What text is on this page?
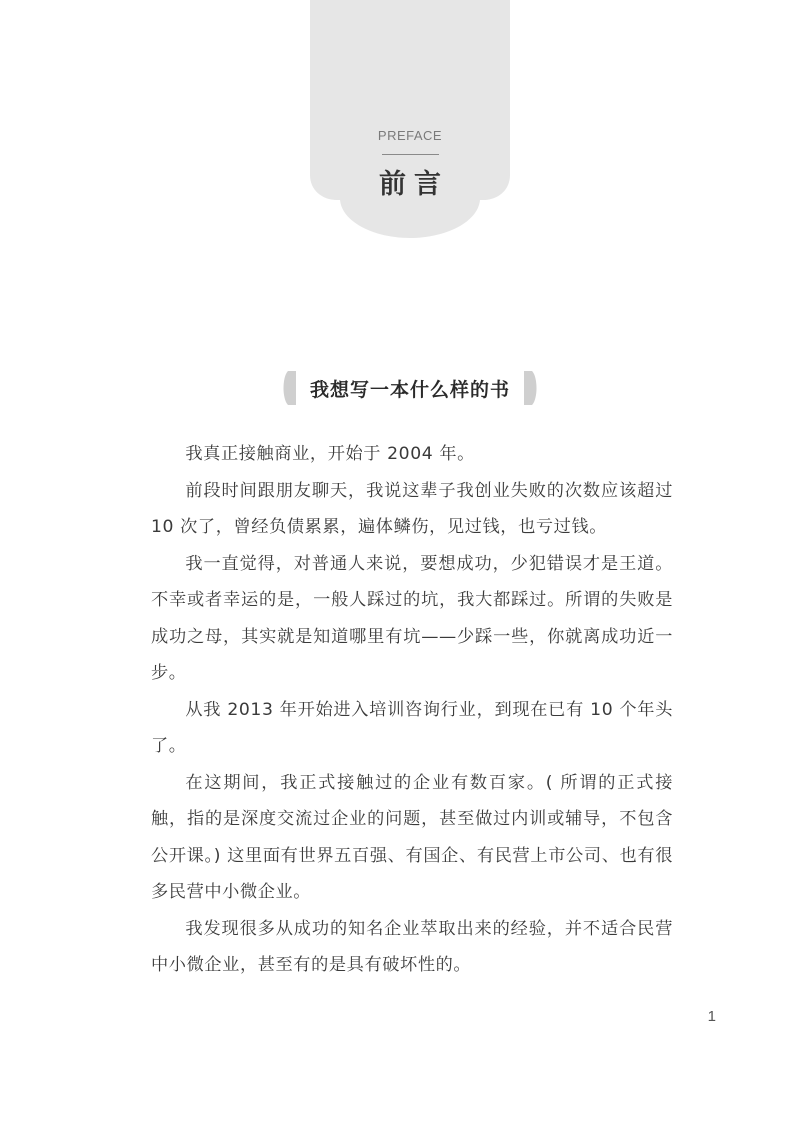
PREFACE
前言
我想写一本什么样的书

我真正接触商业，开始于 2004 年。

前段时间跟朋友聊天，我说这辈子我创业失败的次数应该超过 10 次了，曾经负债累累，遍体鳞伤，见过钱，也亏过钱。

我一直觉得，对普通人来说，要想成功，少犯错误才是王道。不幸或者幸运的是，一般人踩过的坑，我大都踩过。所谓的失败是成功之母，其实就是知道哪里有坑——少踩一些，你就离成功近一步。

从我 2013 年开始进入培训咨询行业，到现在已有 10 个年头了。

在这期间，我正式接触过的企业有数百家。( 所谓的正式接触，指的是深度交流过企业的问题，甚至做过内训或辅导，不包含公开课。) 这里面有世界五百强、有国企、有民营上市公司、也有很多民营中小微企业。

我发现很多从成功的知名企业萃取出来的经验，并不适合民营中小微企业，甚至有的是具有破坏性的。

1
